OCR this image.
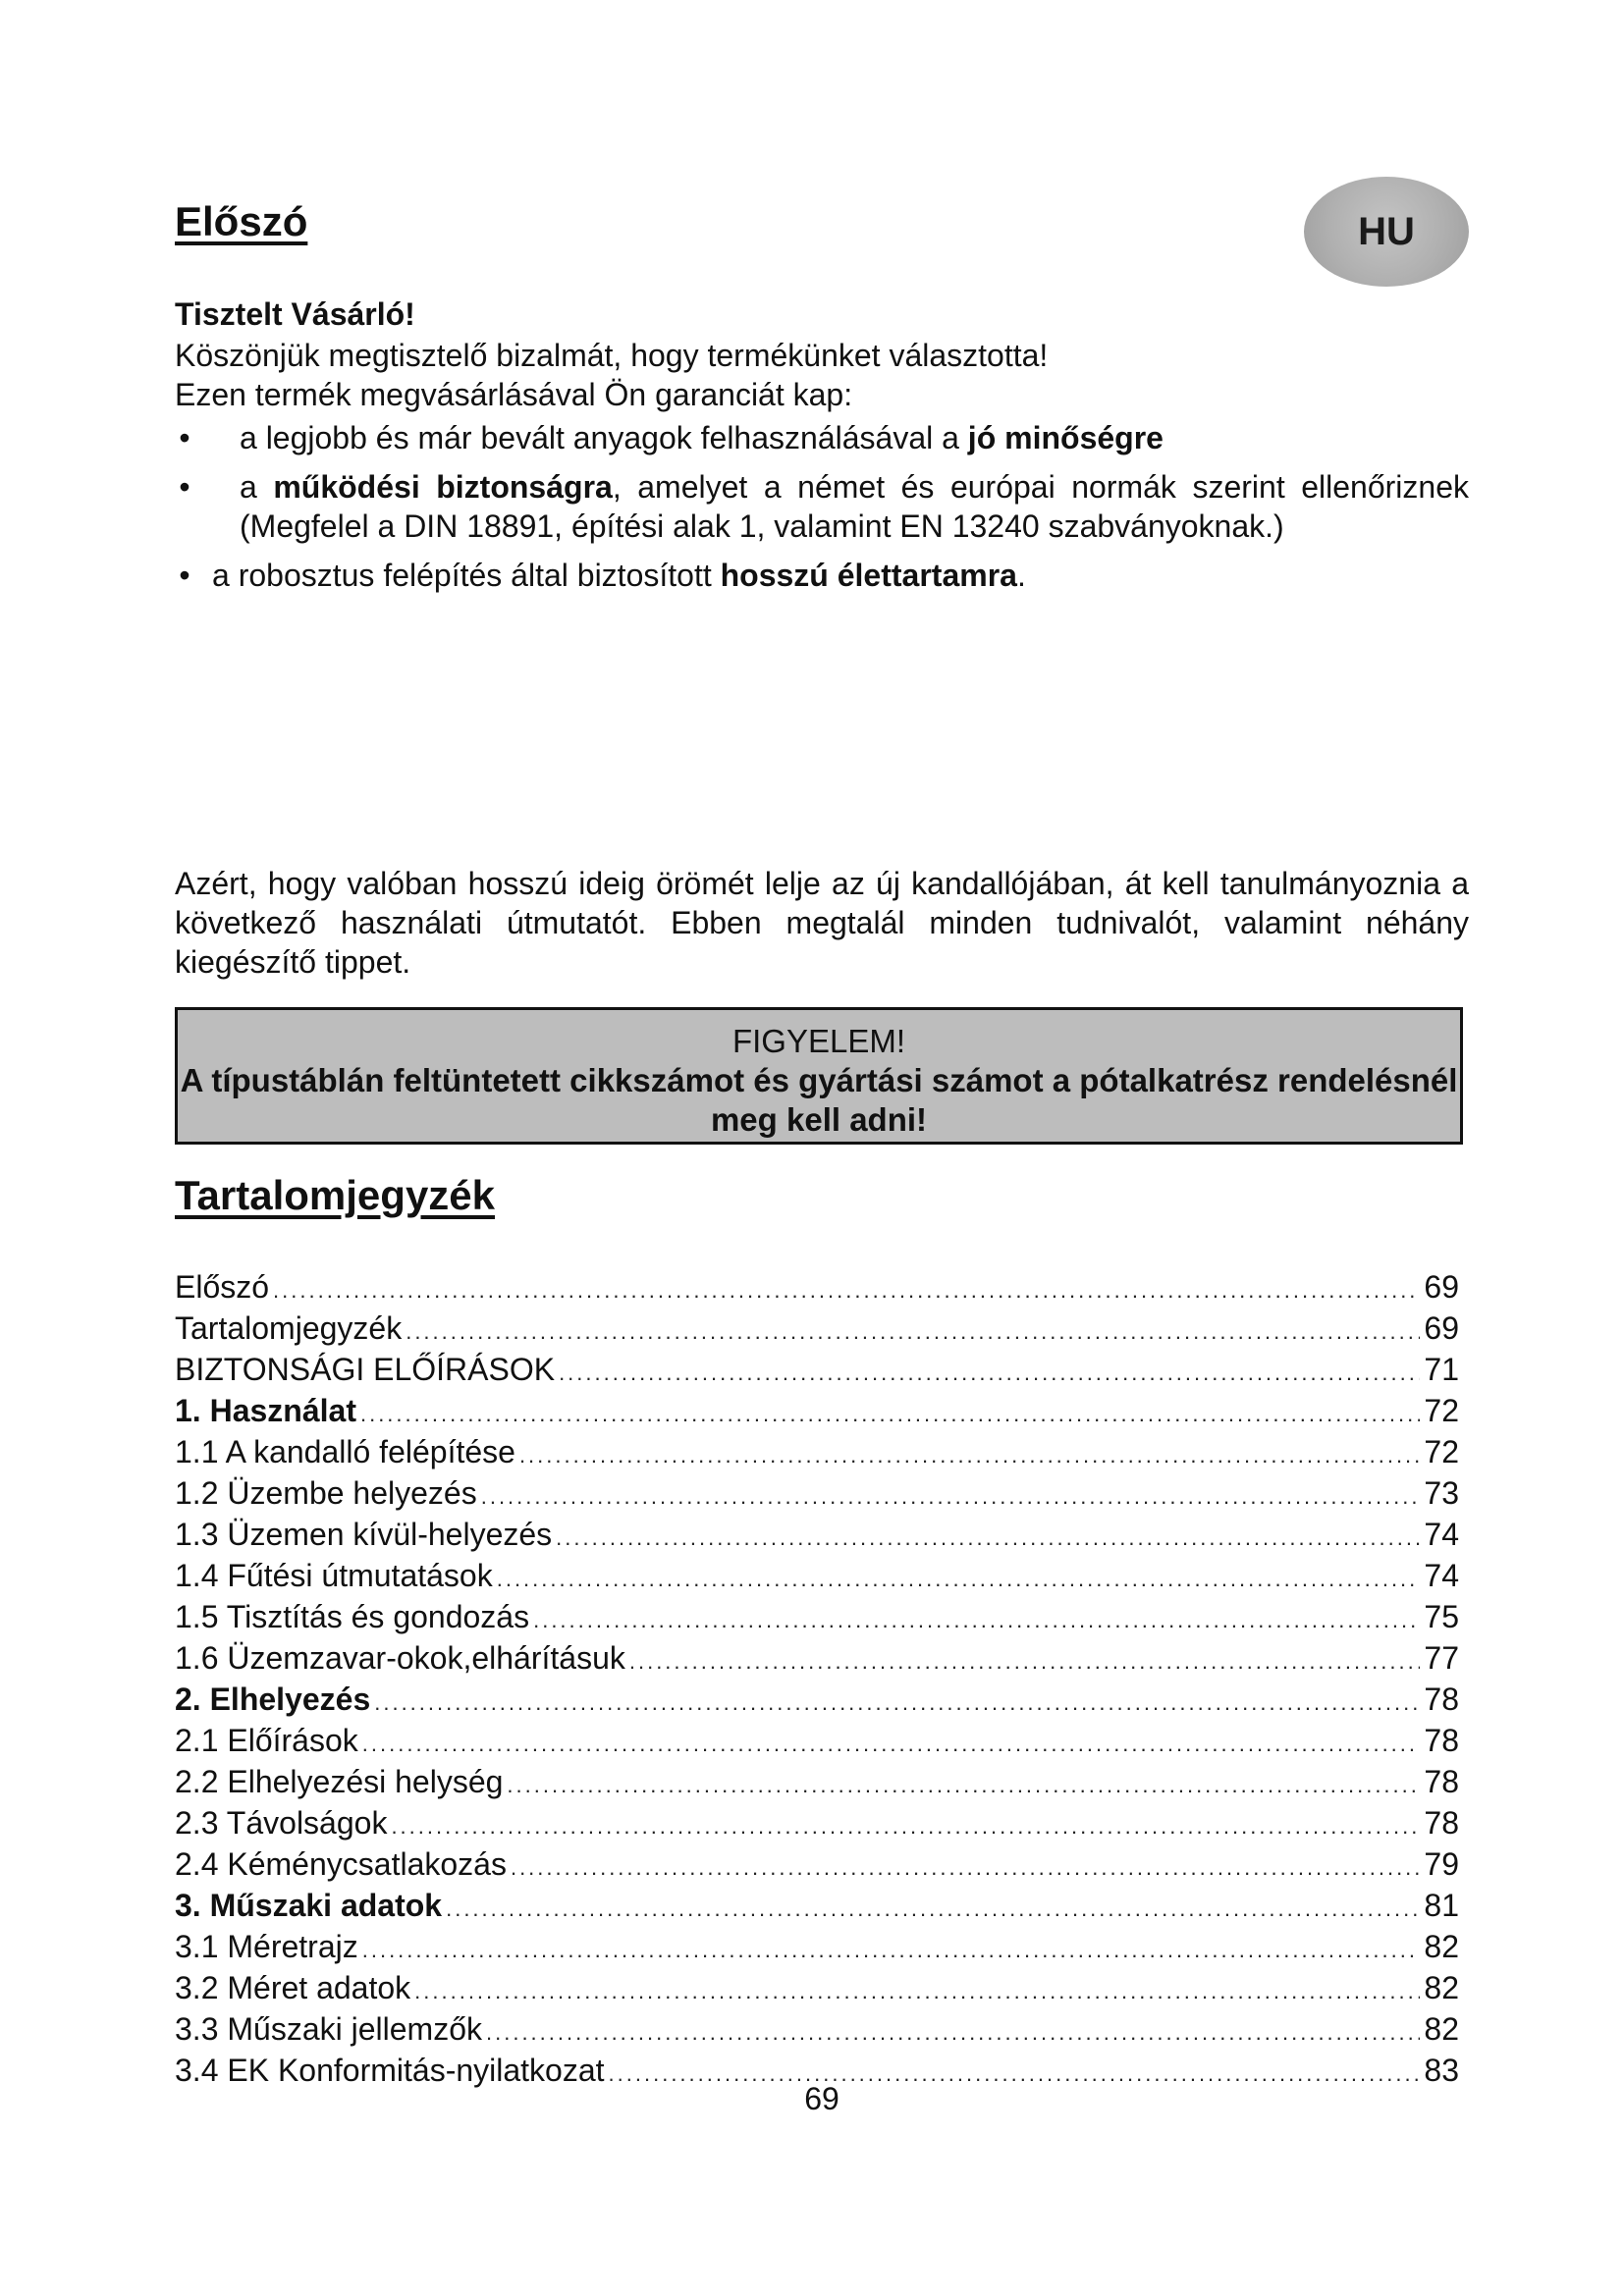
Előszó	HU
Tisztelt Vásárló!
Köszönjük megtisztelő bizalmát, hogy termékünket választotta!
Ezen termék megvásárlásával Ön garanciát kap:
• a legjobb és már bevált anyagok felhasználásával a jó minőségre
• a működési biztonságra, amelyet a német és európai normák szerint ellenőriznek (Megfelel a DIN 18891, építési alak 1, valamint EN 13240 szabványoknak.)
• a robosztus felépítés által biztosított hosszú élettartamra.
Azért, hogy valóban hosszú ideig örömét lelje az új kandallójában, át kell tanulmányoznia a következő használati útmutatót. Ebben megtalál minden tudnivalót, valamint néhány kiegészítő tippet.
FIGYELEM!
A típustáblán feltüntetett cikkszámot és gyártási számot a pótalkatrész rendelésnél meg kell adni!
Tartalomjegyzék
Előszó .....	69
Tartalomjegyzék .....	69
BIZTONSÁGI ELŐÍRÁSOK .....	71
1. Használat .....	72
1.1 A kandalló felépítése .....	72
1.2 Üzembe helyezés .....	73
1.3 Üzemen kívül-helyezés .....	74
1.4 Fűtési útmutatások .....	74
1.5 Tisztítás és gondozás .....	75
1.6 Üzemzavar-okok,elhárításuk .....	77
2. Elhelyezés .....	78
2.1 Előírások .....	78
2.2 Elhelyezési helység .....	78
2.3 Távolságok .....	78
2.4 Kéménycsatlakozás .....	79
3. Műszaki adatok .....	81
3.1 Méretrajz .....	82
3.2 Méret adatok .....	82
3.3 Műszaki jellemzők .....	82
3.4 EK Konformitás-nyilatkozat .....	83
69
